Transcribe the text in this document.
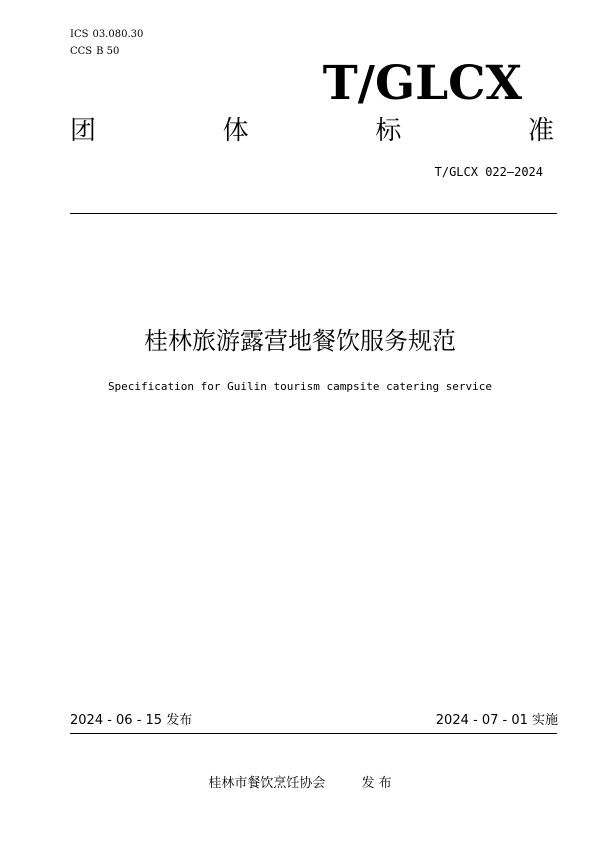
ICS 03.080.30
CCS B 50
T/GLCX
团	体	标	准
T/GLCX 022—2024
桂林旅游露营地餐饮服务规范
Specification for Guilin tourism campsite catering service
2024 - 06 - 15 发布	2024 - 07 - 01 实施
桂林市餐饮烹饪协会	发 布
